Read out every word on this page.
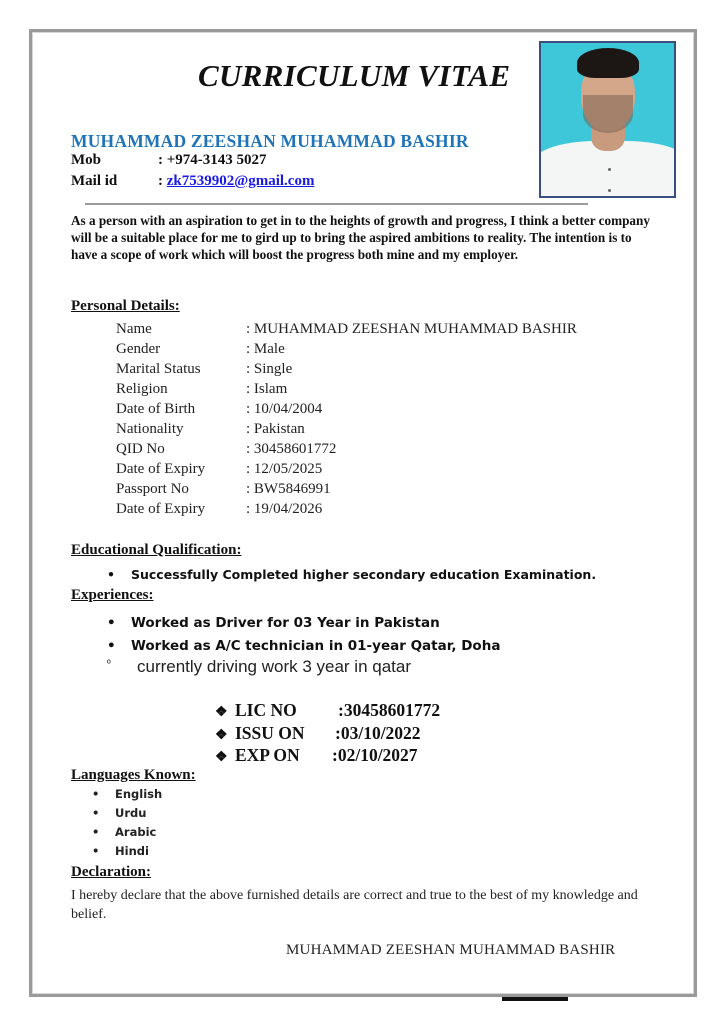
CURRICULUM VITAE
MUHAMMAD ZEESHAN MUHAMMAD BASHIR
Mob	: +974-3143 5027
Mail id	: zk7539902@gmail.com
As a person with an aspiration to get in to the heights of growth and progress, I think a better company will be a suitable place for me to gird up to bring the aspired ambitions to reality. The intention is to have a scope of work which will boost the progress both mine and my employer.
Personal Details:
Name	: MUHAMMAD ZEESHAN MUHAMMAD BASHIR
Gender	: Male
Marital Status	: Single
Religion	: Islam
Date of Birth	: 10/04/2004
Nationality	: Pakistan
QID No	: 30458601772
Date of Expiry	: 12/05/2025
Passport No	: BW5846991
Date of Expiry	: 19/04/2026
Educational Qualification:
• Successfully Completed higher secondary education Examination.
Experiences:
• Worked as Driver for 03 Year in Pakistan
• Worked as A/C technician in 01-year Qatar, Doha
º currently driving work 3 year in qatar
❖ LIC NO :30458601772
❖ ISSU ON :03/10/2022
❖ EXP ON :02/10/2027
Languages Known:
• English
• Urdu
• Arabic
• Hindi
Declaration:
I hereby declare that the above furnished details are correct and true to the best of my knowledge and belief.
MUHAMMAD ZEESHAN MUHAMMAD BASHIR
